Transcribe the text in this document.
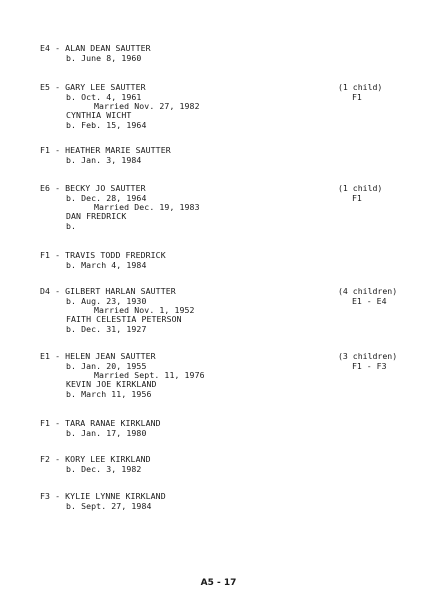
E4 - ALAN DEAN SAUTTER
b. June 8, 1960
E5 - GARY LEE SAUTTER
b. Oct. 4, 1961
Married Nov. 27, 1982
CYNTHIA WICHT
b. Feb. 15, 1964
(1 child)
F1
F1 - HEATHER MARIE SAUTTER
b. Jan. 3, 1984
E6 - BECKY JO SAUTTER
b. Dec. 28, 1964
Married Dec. 19, 1983
DAN FREDRICK
b.
(1 child)
F1
F1 - TRAVIS TODD FREDRICK
b. March 4, 1984
D4 - GILBERT HARLAN SAUTTER
b. Aug. 23, 1930
Married Nov. 1, 1952
FAITH CELESTIA PETERSON
b. Dec. 31, 1927
(4 children)
E1 - E4
E1 - HELEN JEAN SAUTTER
b. Jan. 20, 1955
Married Sept. 11, 1976
KEVIN JOE KIRKLAND
b. March 11, 1956
(3 children)
F1 - F3
F1 - TARA RANAE KIRKLAND
b. Jan. 17, 1980
F2 - KORY LEE KIRKLAND
b. Dec. 3, 1982
F3 - KYLIE LYNNE KIRKLAND
b. Sept. 27, 1984
A5 - 17
